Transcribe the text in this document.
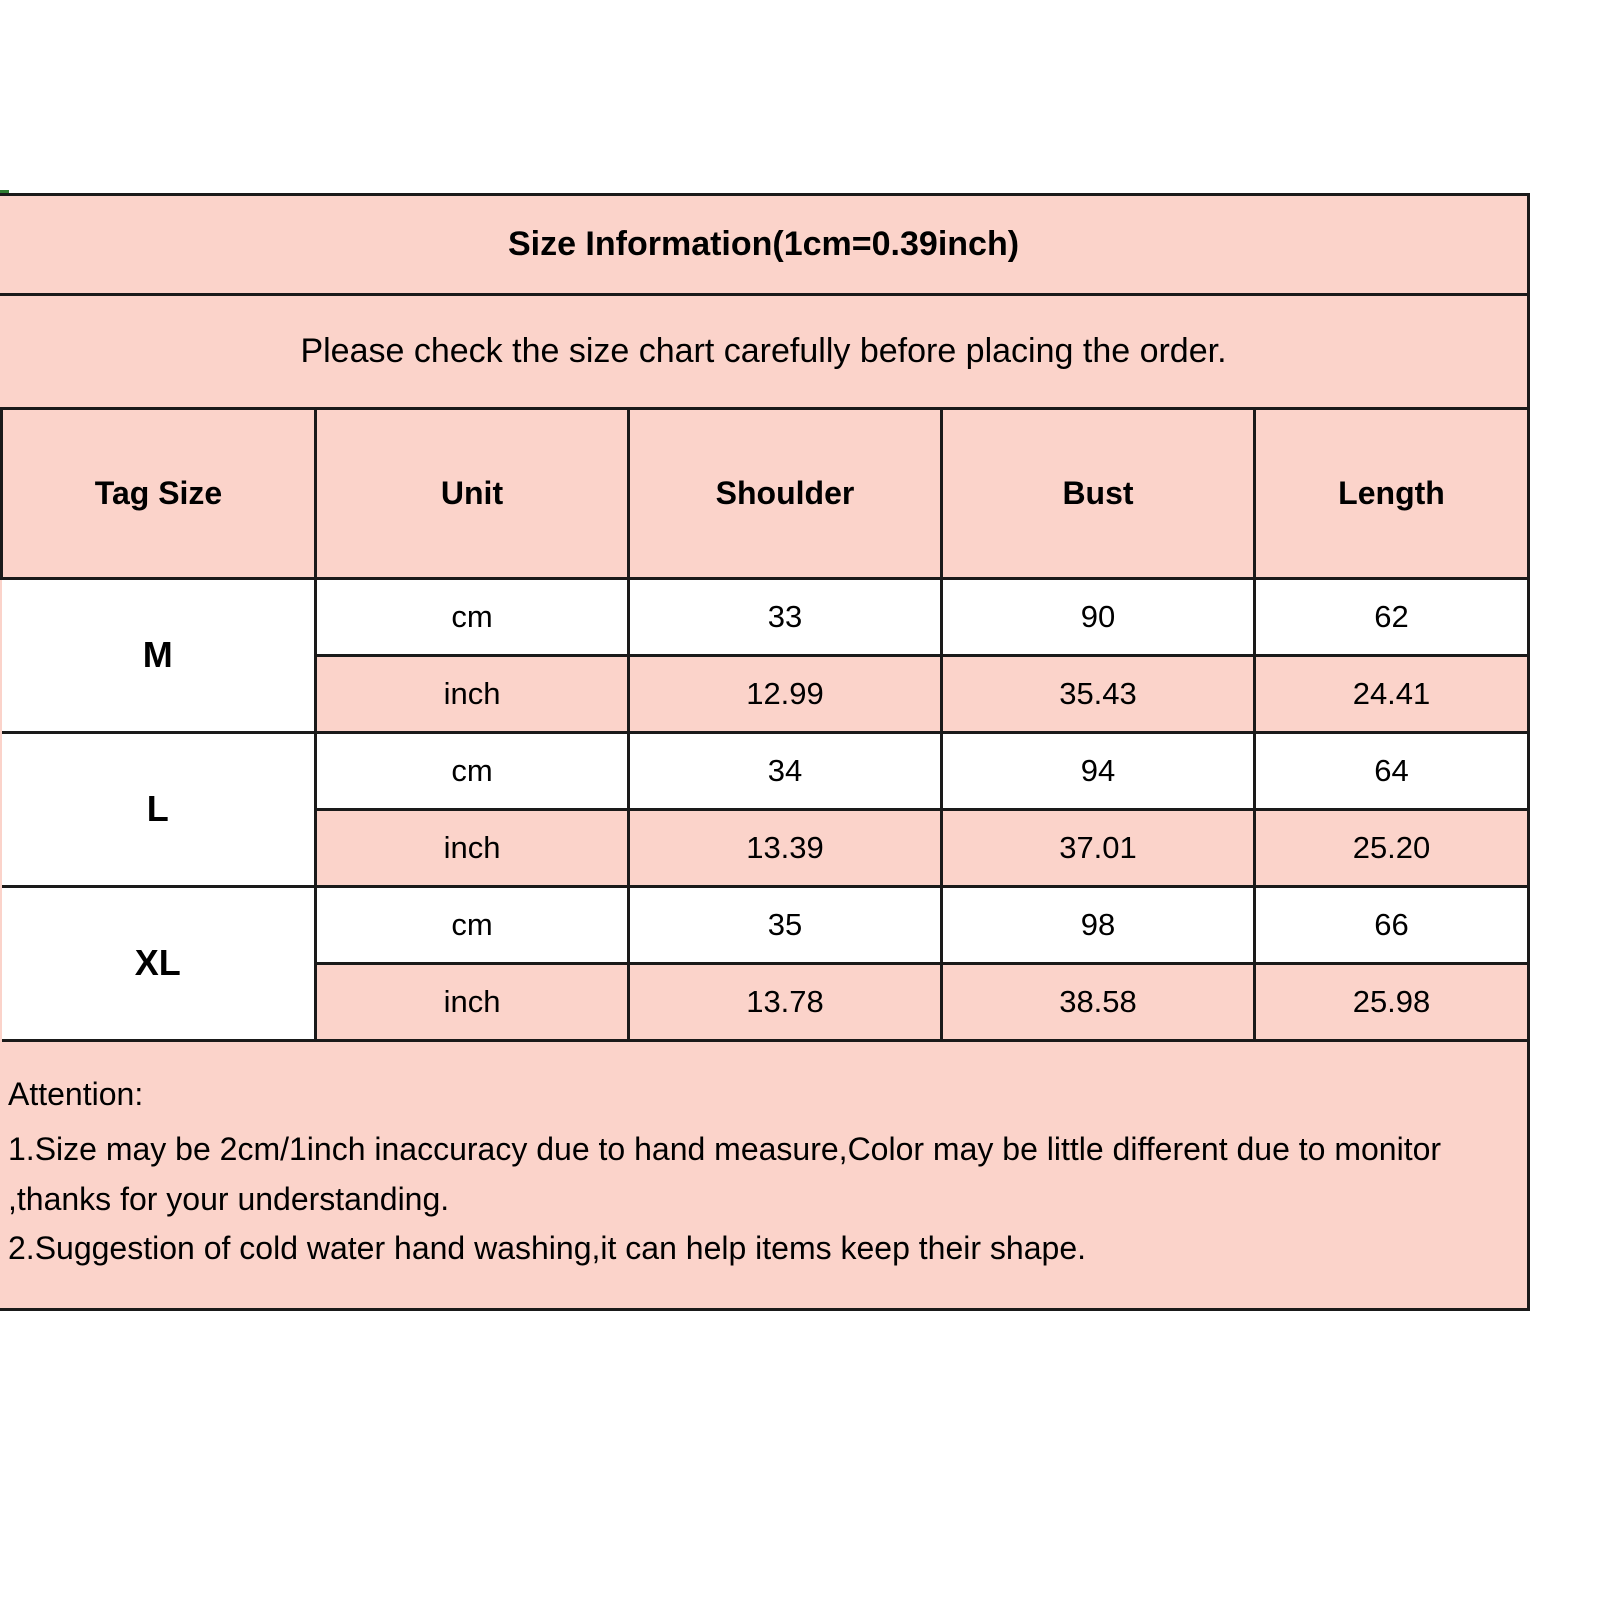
Size Information(1cm=0.39inch)
Please check the size chart carefully before placing the order.
Tag Size	Unit	Shoulder	Bust	Length
M	cm	33	90	62
	inch	12.99	35.43	24.41
L	cm	34	94	64
	inch	13.39	37.01	25.20
XL	cm	35	98	66
	inch	13.78	38.58	25.98
Attention:
1.Size may be 2cm/1inch inaccuracy due to hand measure,Color may be little different due to monitor
,thanks for your understanding.
2.Suggestion of cold water hand washing,it can help items keep their shape.
